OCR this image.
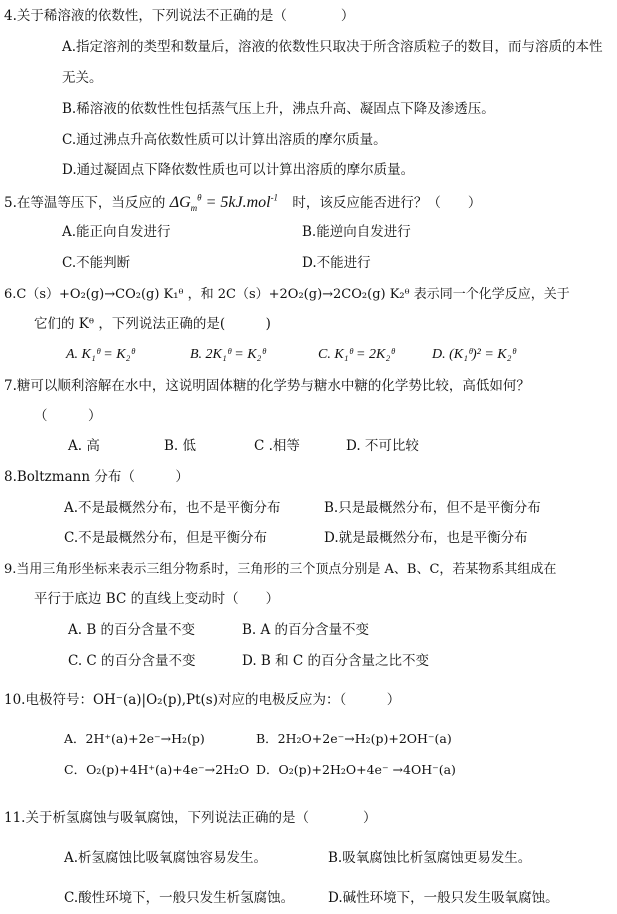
4.关于稀溶液的依数性，下列说法不正确的是（　　　　）
A.指定溶剂的类型和数量后，溶液的依数性只取决于所含溶质粒子的数目，而与溶质的本性
无关。
B.稀溶液的依数性性包括蒸气压上升，沸点升高、凝固点下降及渗透压。
C.通过沸点升高依数性质可以计算出溶质的摩尔质量。
D.通过凝固点下降依数性质也可以计算出溶质的摩尔质量。
5.在等温等压下，当反应的 $\Delta G_m^\theta = 5kJ.mol^{-1}$ 时，该反应能否进行？（　　）
A.能正向自发进行	B.能逆向自发进行
C.不能判断	D.不能进行
6.C（s）+O₂(g)→CO₂(g) K₁ᶿ ，和 2C（s）+2O₂(g)→2CO₂(g) K₂ᶿ 表示同一个化学反应，关于
它们的 Kᶿ ，下列说法正确的是(　　　)
A. K₁ᶿ = K₂ᶿ	B. 2K₁ᶿ = K₂ᶿ	C. K₁ᶿ = 2K₂ᶿ	D. (K₁ᶿ)² = K₂ᶿ
7.糖可以顺利溶解在水中，这说明固体糖的化学势与糖水中糖的化学势比较，高低如何？
（　　　）
A. 高	B. 低	C .相等	D. 不可比较
8.Boltzmann 分布（　　　）
A.不是最概然分布，也不是平衡分布	B.只是最概然分布，但不是平衡分布
C.不是最概然分布，但是平衡分布	D.就是最概然分布，也是平衡分布
9.当用三角形坐标来表示三组分物系时，三角形的三个顶点分别是 A、B、C，若某物系其组成在
平行于底边 BC 的直线上变动时（　　）
A. B 的百分含量不变	B. A 的百分含量不变
C. C 的百分含量不变	D. B 和 C 的百分含量之比不变
10.电极符号：OH⁻(a)|O₂(p),Pt(s)对应的电极反应为：（　　　）
A．2H⁺(a)+2e⁻→H₂(p)	B．2H₂O+2e⁻→H₂(p)+2OH⁻(a)
C．O₂(p)+4H⁺(a)+4e⁻→2H₂O D．O₂(p)+2H₂O+4e⁻ →4OH⁻(a)
11.关于析氢腐蚀与吸氧腐蚀，下列说法正确的是（　　　　）
A.析氢腐蚀比吸氧腐蚀容易发生。	B.吸氧腐蚀比析氢腐蚀更易发生。
C.酸性环境下，一般只发生析氢腐蚀。	D.碱性环境下，一般只发生吸氧腐蚀。
